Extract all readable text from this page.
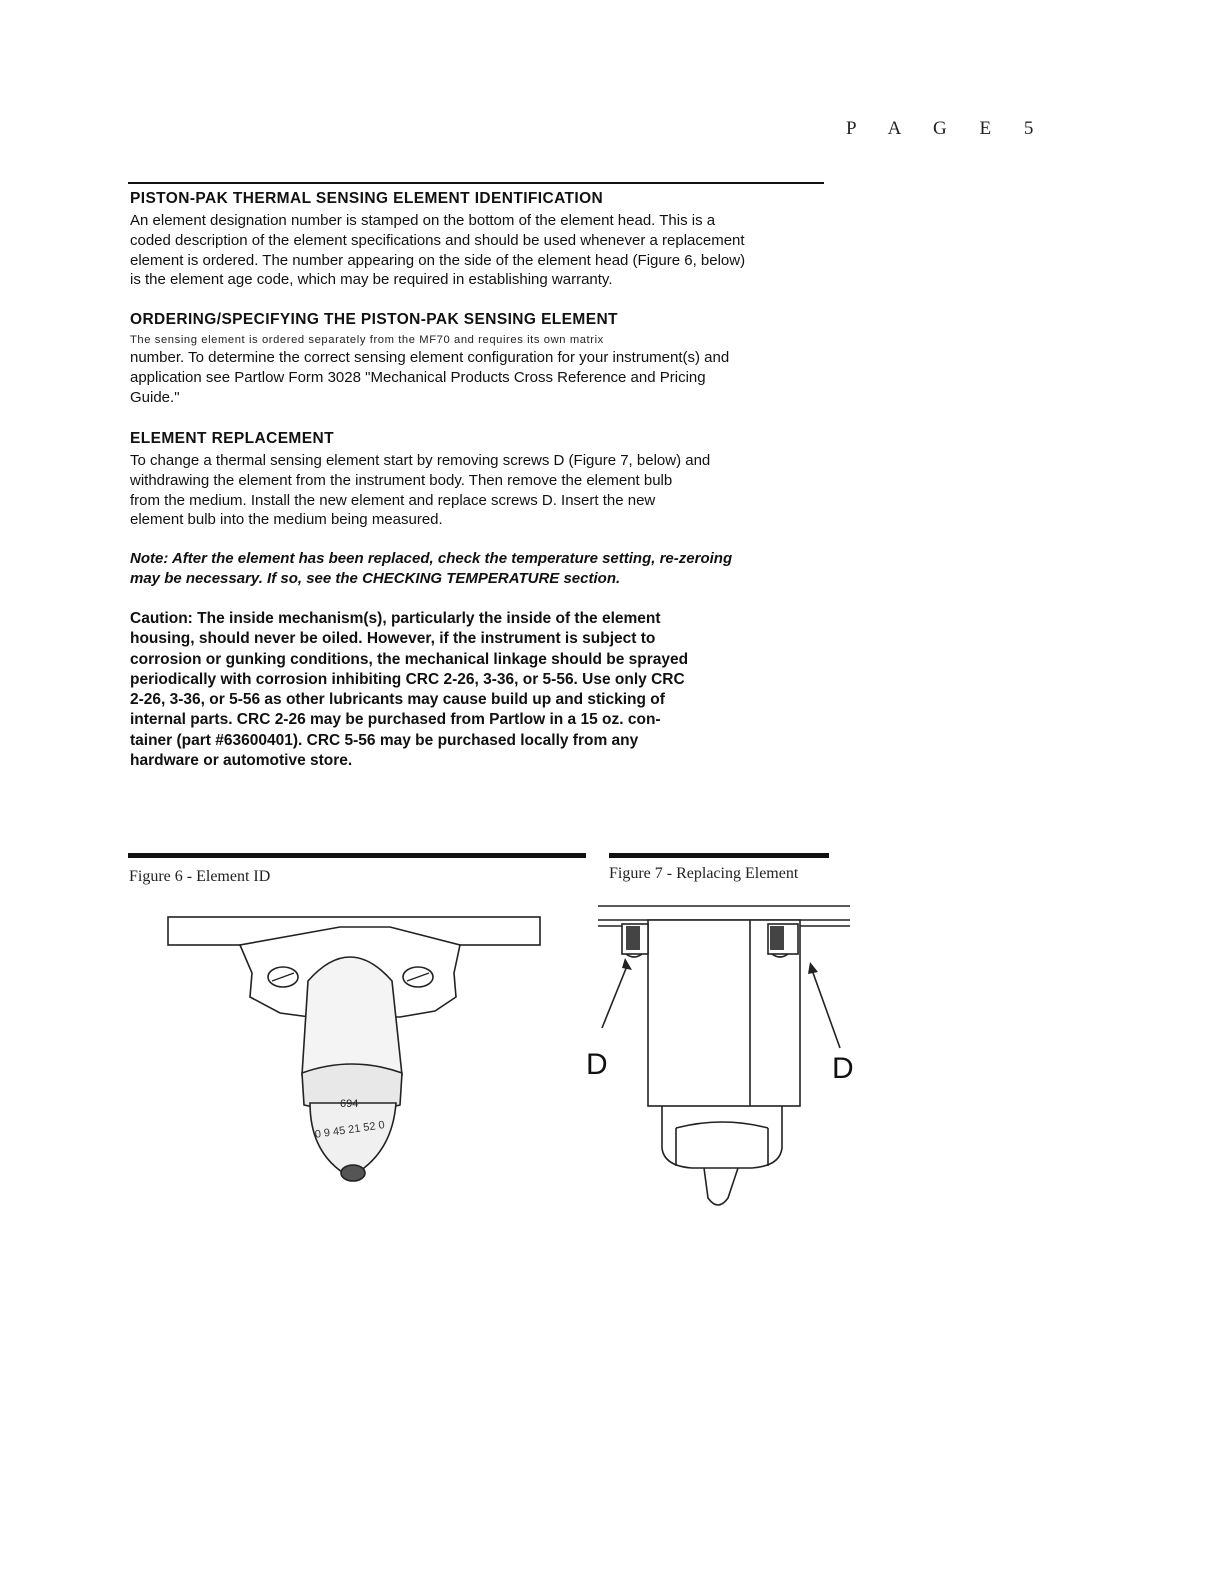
P A G E 5
PISTON-PAK THERMAL SENSING ELEMENT IDENTIFICATION
An element designation number is stamped on the bottom of the element head. This is a
coded description of the element specifications and should be used whenever a replacement
element is ordered. The number appearing on the side of the element head (Figure 6, below)
is the element age code, which may be required in establishing warranty.
ORDERING/SPECIFYING THE PISTON-PAK SENSING ELEMENT
The sensing element is ordered separately from the MF70 and requires its own matrix
number. To determine the correct sensing element configuration for your instrument(s) and
application see Partlow Form 3028 "Mechanical Products Cross Reference and Pricing
Guide."
ELEMENT REPLACEMENT
To change a thermal sensing element start by removing screws D (Figure 7, below) and
withdrawing the element from the instrument body. Then remove the element bulb
from the medium. Install the new element and replace screws D. Insert the new
element bulb into the medium being measured.
Note: After the element has been replaced, check the temperature setting, re-zeroing
may be necessary. If so, see the CHECKING TEMPERATURE section.
Caution: The inside mechanism(s), particularly the inside of the element
housing, should never be oiled. However, if the instrument is subject to
corrosion or gunking conditions, the mechanical linkage should be sprayed
periodically with corrosion inhibiting CRC 2-26, 3-36, or 5-56. Use only CRC
2-26, 3-36, or 5-56 as other lubricants may cause build up and sticking of
internal parts. CRC 2-26 may be purchased from Partlow in a 15 oz. con-
tainer (part #63600401). CRC 5-56 may be purchased locally from any
hardware or automotive store.
Figure 6 - Element ID	Figure 7 - Replacing Element
694
0 9 45 21 52 0
D	D
